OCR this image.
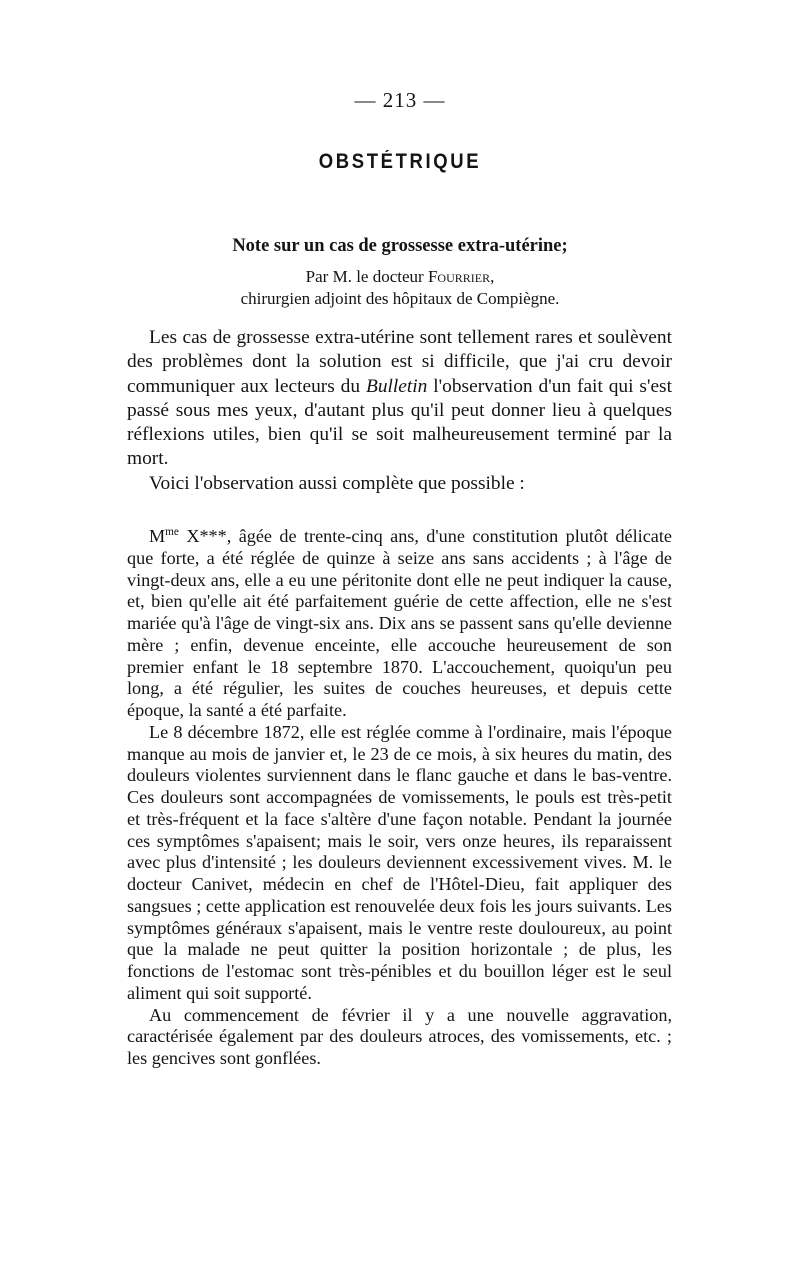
— 213 —
OBSTÉTRIQUE
Note sur un cas de grossesse extra-utérine;
Par M. le docteur Fourrier,
chirurgien adjoint des hôpitaux de Compiègne.

Les cas de grossesse extra-utérine sont tellement rares et soulèvent des problèmes dont la solution est si difficile, que j'ai cru devoir communiquer aux lecteurs du Bulletin l'observation d'un fait qui s'est passé sous mes yeux, d'autant plus qu'il peut donner lieu à quelques réflexions utiles, bien qu'il se soit malheureusement terminé par la mort.

Voici l'observation aussi complète que possible :

$M^{me}$ X***, âgée de trente-cinq ans, d'une constitution plutôt délicate que forte, a été réglée de quinze à seize ans sans accidents ; à l'âge de vingt-deux ans, elle a eu une péritonite dont elle ne peut indiquer la cause, et, bien qu'elle ait été parfaitement guérie de cette affection, elle ne s'est mariée qu'à l'âge de vingt-six ans. Dix ans se passent sans qu'elle devienne mère ; enfin, devenue enceinte, elle accouche heureusement de son premier enfant le 18 septembre 1870. L'accouchement, quoiqu'un peu long, a été régulier, les suites de couches heureuses, et depuis cette époque, la santé a été parfaite.

Le 8 décembre 1872, elle est réglée comme à l'ordinaire, mais l'époque manque au mois de janvier et, le 23 de ce mois, à six heures du matin, des douleurs violentes surviennent dans le flanc gauche et dans le bas-ventre. Ces douleurs sont accompagnées de vomissements, le pouls est très-petit et très-fréquent et la face s'altère d'une façon notable. Pendant la journée ces symptômes s'apaisent; mais le soir, vers onze heures, ils reparaissent avec plus d'intensité ; les douleurs deviennent excessivement vives. M. le docteur Canivet, médecin en chef de l'Hôtel-Dieu, fait appliquer des sangsues ; cette application est renouvelée deux fois les jours suivants. Les symptômes généraux s'apaisent, mais le ventre reste douloureux, au point que la malade ne peut quitter la position horizontale ; de plus, les fonctions de l'estomac sont très-pénibles et du bouillon léger est le seul aliment qui soit supporté.

Au commencement de février il y a une nouvelle aggravation, caractérisée également par des douleurs atroces, des vomissements, etc. ; les gencives sont gonflées.
